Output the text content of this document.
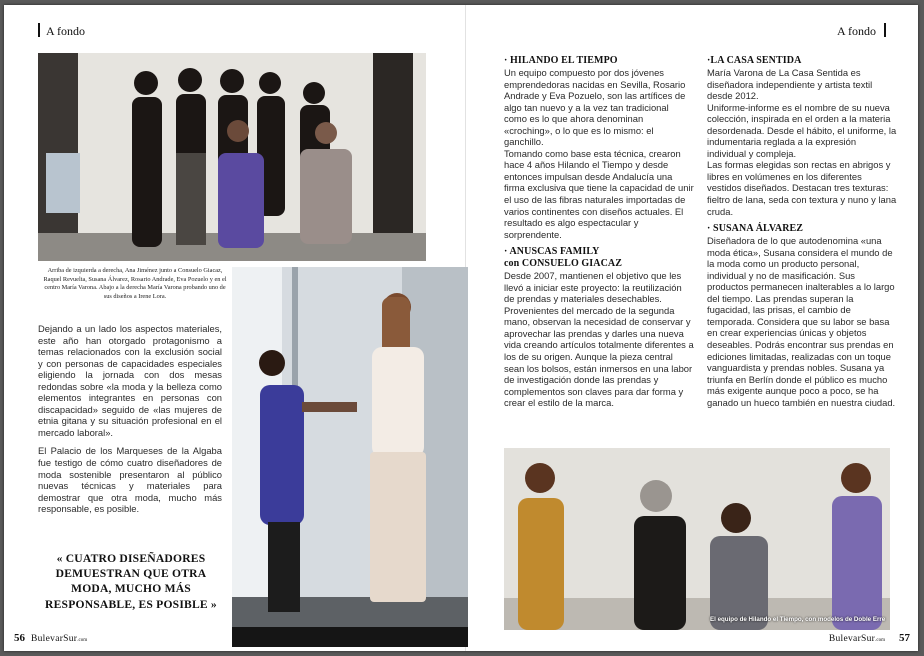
A fondo	A fondo
Arriba de izquierda a derecha, Ana Jiménez junto a Consuelo Giacaz, Raquel Revuelta, Susana Álvarez, Rosario Andrade, Eva Pozuelo y en el centro María Varona. Abajo a la derecha María Varona probando uno de sus diseños a Irene Lora.

Dejando a un lado los aspectos materiales, este año han otorgado protagonismo a temas relacionados con la exclusión social y con personas de capacidades especiales eligiendo la jornada con dos mesas redondas sobre «la moda y la belleza como elementos integrantes en personas con discapacidad» seguido de «las mujeres de etnia gitana y su situación profesional en el mercado laboral».

El Palacio de los Marqueses de la Algaba fue testigo de cómo cuatro diseñadores de moda sostenible presentaron al público nuevas técnicas y materiales para demostrar que otra moda, mucho más responsable, es posible.

« CUATRO DISEÑADORES DEMUESTRAN QUE OTRA MODA, MUCHO MÁS RESPONSABLE, ES POSIBLE »
· HILANDO EL TIEMPO

Un equipo compuesto por dos jóvenes emprendedoras nacidas en Sevilla, Rosario Andrade y Eva Pozuelo, son las artífices de algo tan nuevo y a la vez tan tradicional como es lo que ahora denominan «croching», o lo que es lo mismo: el ganchillo.

Tomando como base esta técnica, crearon hace 4 años Hilando el Tiempo y desde entonces impulsan desde Andalucía una firma exclusiva que tiene la capacidad de unir el uso de las fibras naturales importadas de varios continentes con diseños actuales. El resultado es algo espectacular y sorprendente.

· ANUSCAS FAMILY
con CONSUELO GIACAZ

Desde 2007, mantienen el objetivo que les llevó a iniciar este proyecto: la reutilización de prendas y materiales desechables. Provenientes del mercado de la segunda mano, observan la necesidad de conservar y aprovechar las prendas y darles una nueva vida creando artículos totalmente diferentes a los de su origen. Aunque la pieza central sean los bolsos, están inmersos en una labor de investigación donde las prendas y complementos son claves para dar forma y crear el estilo de la marca.

·LA CASA SENTIDA

María Varona de La Casa Sentida es diseñadora independiente y artista textil desde 2012.

Uniforme-informe es el nombre de su nueva colección, inspirada en el orden a la materia desordenada. Desde el hábito, el uniforme, la indumentaria reglada a la expresión individual y compleja.

Las formas elegidas son rectas en abrigos y libres en volúmenes en los diferentes vestidos diseñados. Destacan tres texturas: fieltro de lana, seda con textura y nuno y lana cruda.

· SUSANA ÁLVAREZ

Diseñadora de lo que autodenomina «una moda ética», Susana considera el mundo de la moda como un producto personal, individual y no de masificación. Sus productos permanecen inalterables a lo largo del tiempo. Las prendas superan la fugacidad, las prisas, el cambio de temporada. Considera que su labor se basa en crear experiencias únicas y objetos deseables. Podrás encontrar sus prendas en ediciones limitadas, realizadas con un toque vanguardista y prendas nobles. Susana ya triunfa en Berlín donde el público es mucho más exigente aunque poco a poco, se ha ganado un hueco también en nuestra ciudad.

El equipo de Hilando el Tiempo, con modelos de Doble Erre
56 BulevarSur.com	BulevarSur.com 57
